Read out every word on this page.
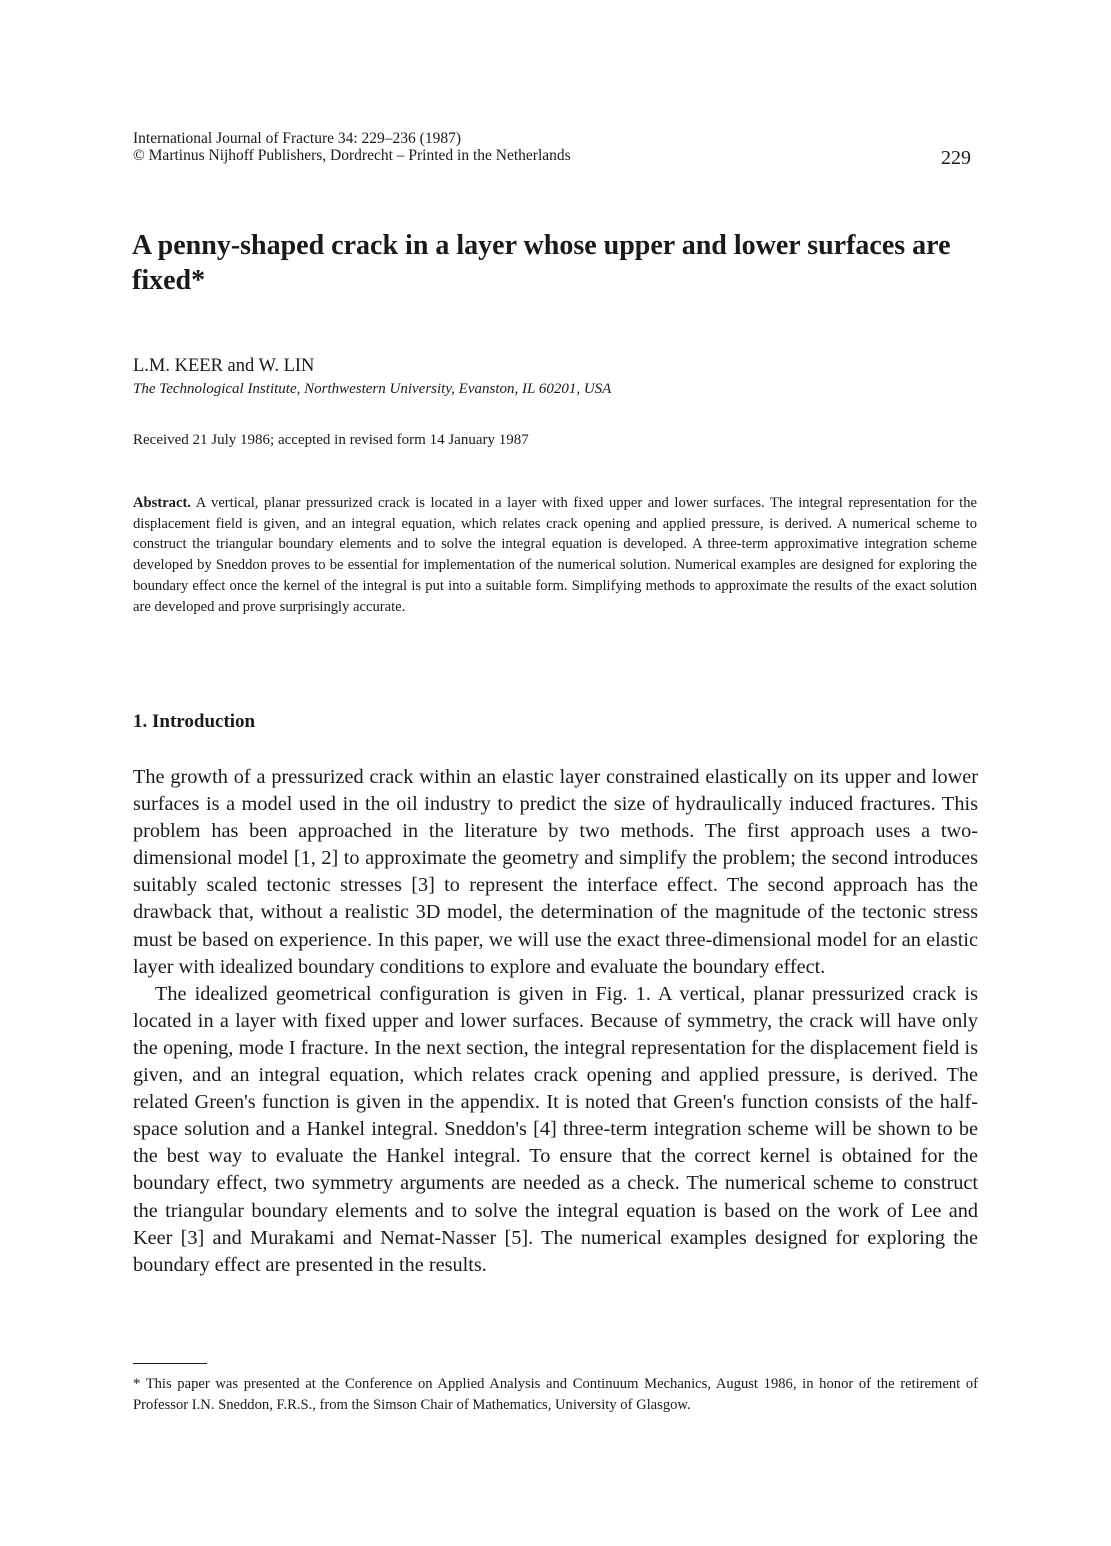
International Journal of Fracture 34: 229–236 (1987)
© Martinus Nijhoff Publishers, Dordrecht – Printed in the Netherlands	229
A penny-shaped crack in a layer whose upper and lower surfaces are fixed*
L.M. KEER and W. LIN
The Technological Institute, Northwestern University, Evanston, IL 60201, USA
Received 21 July 1986; accepted in revised form 14 January 1987

Abstract. A vertical, planar pressurized crack is located in a layer with fixed upper and lower surfaces. The integral representation for the displacement field is given, and an integral equation, which relates crack opening and applied pressure, is derived. A numerical scheme to construct the triangular boundary elements and to solve the integral equation is developed. A three-term approximative integration scheme developed by Sneddon proves to be essential for implementation of the numerical solution. Numerical examples are designed for exploring the boundary effect once the kernel of the integral is put into a suitable form. Simplifying methods to approximate the results of the exact solution are developed and prove surprisingly accurate.

1. Introduction

The growth of a pressurized crack within an elastic layer constrained elastically on its upper and lower surfaces is a model used in the oil industry to predict the size of hydraulically induced fractures. This problem has been approached in the literature by two methods. The first approach uses a two-dimensional model [1, 2] to approximate the geometry and simplify the problem; the second introduces suitably scaled tectonic stresses [3] to represent the interface effect. The second approach has the drawback that, without a realistic 3D model, the determination of the magnitude of the tectonic stress must be based on experience. In this paper, we will use the exact three-dimensional model for an elastic layer with idealized boundary conditions to explore and evaluate the boundary effect.

The idealized geometrical configuration is given in Fig. 1. A vertical, planar pressurized crack is located in a layer with fixed upper and lower surfaces. Because of symmetry, the crack will have only the opening, mode I fracture. In the next section, the integral representation for the displacement field is given, and an integral equation, which relates crack opening and applied pressure, is derived. The related Green's function is given in the appendix. It is noted that Green's function consists of the half-space solution and a Hankel integral. Sneddon's [4] three-term integration scheme will be shown to be the best way to evaluate the Hankel integral. To ensure that the correct kernel is obtained for the boundary effect, two symmetry arguments are needed as a check. The numerical scheme to construct the triangular boundary elements and to solve the integral equation is based on the work of Lee and Keer [3] and Murakami and Nemat-Nasser [5]. The numerical examples designed for exploring the boundary effect are presented in the results.

* This paper was presented at the Conference on Applied Analysis and Continuum Mechanics, August 1986, in honor of the retirement of Professor I.N. Sneddon, F.R.S., from the Simson Chair of Mathematics, University of Glasgow.
